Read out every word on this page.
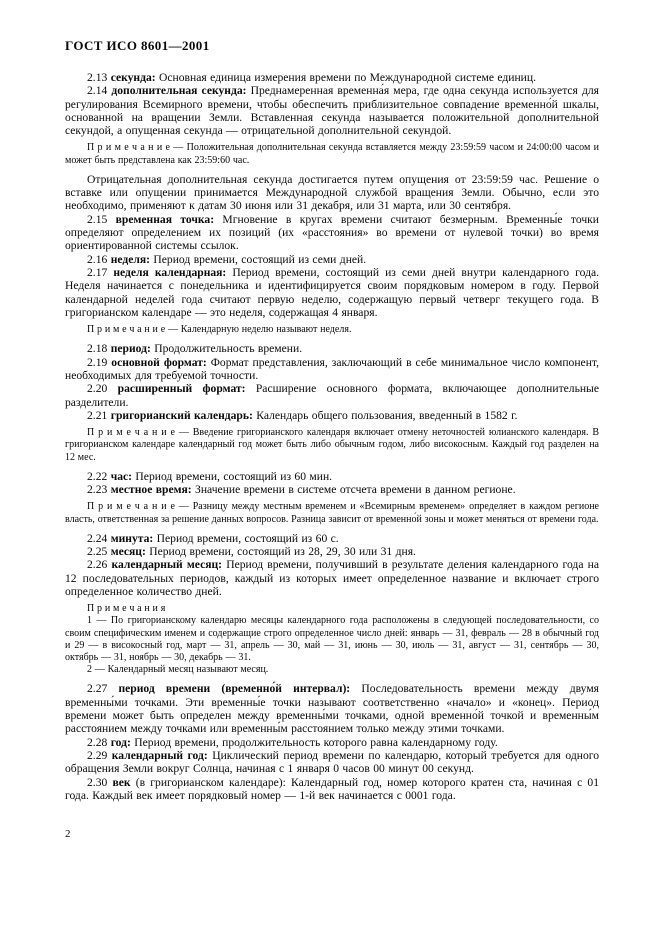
ГОСТ ИСО 8601—2001

2.13 секунда: Основная единица измерения времени по Международной системе единиц.

2.14 дополнительная секунда: Преднамеренная временна́я мера, где одна секунда используется для регулирования Всемирного времени, чтобы обеспечить приблизительное совпадение временно́й шкалы, основанной на вращении Земли. Вставленная секунда называется положительной дополнительной секундой, а опущенная секунда — отрицательной дополнительной секундой.

П р и м е ч а н и е — Положительная дополнительная секунда вставляется между 23:59:59 часом и 24:00:00 часом и может быть представлена как 23:59:60 час.

Отрицательная дополнительная секунда достигается путем опущения от 23:59:59 час. Решение о вставке или опущении принимается Международной службой вращения Земли. Обычно, если это необходимо, применяют к датам 30 июня или 31 декабря, или 31 марта, или 30 сентября.

2.15 временная точка: Мгновение в кругах времени считают безмерным. Временны́е точки определяют определением их позиций (их «расстояния» во времени от нулевой точки) во время ориентированной системы ссылок.

2.16 неделя: Период времени, состоящий из семи дней.

2.17 неделя календарная: Период времени, состоящий из семи дней внутри календарного года. Неделя начинается с понедельника и идентифицируется своим порядковым номером в году. Первой календарной неделей года считают первую неделю, содержащую первый четверг текущего года. В григорианском календаре — это неделя, содержащая 4 января.

П р и м е ч а н и е — Календарную неделю называют неделя.

2.18 период: Продолжительность времени.

2.19 основной формат: Формат представления, заключающий в себе минимальное число компонент, необходимых для требуемой точности.

2.20 расширенный формат: Расширение основного формата, включающее дополнительные разделители.

2.21 григорианский календарь: Календарь общего пользования, введенный в 1582 г.

П р и м е ч а н и е — Введение григорианского календаря включает отмену неточностей юлианского календаря. В григорианском календаре календарный год может быть либо обычным годом, либо високосным. Каждый год разделен на 12 мес.

2.22 час: Период времени, состоящий из 60 мин.

2.23 местное время: Значение времени в системе отсчета времени в данном регионе.

П р и м е ч а н и е — Разницу между местным временем и «Всемирным временем» определяет в каждом регионе власть, ответственная за решение данных вопросов. Разница зависит от временно́й зоны и может меняться от времени года.

2.24 минута: Период времени, состоящий из 60 с.

2.25 месяц: Период времени, состоящий из 28, 29, 30 или 31 дня.

2.26 календарный месяц: Период времени, получивший в результате деления календарного года на 12 последовательных периодов, каждый из которых имеет определенное название и включает строго определенное количество дней.

П р и м е ч а н и я
1 — По григорианскому календарю месяцы календарного года расположены в следующей последовательности, со своим специфическим именем и содержащие строго определенное число дней: январь — 31, февраль — 28 в обычный год и 29 — в високосный год, март — 31, апрель — 30, май — 31, июнь — 30, июль — 31, август — 31, сентябрь — 30, октябрь — 31, ноябрь — 30, декабрь — 31.
2 — Календарный месяц называют месяц.

2.27 период времени (временно́й интервал): Последовательность времени между двумя временны́ми точками. Эти временны́е точки называют соответственно «начало» и «конец». Период времени может быть определен между временны́ми точками, одной временно́й точкой и временны́м расстоянием между точками или временны́м расстоянием только между этими точками.

2.28 год: Период времени, продолжительность которого равна календарному году.

2.29 календарный год: Циклический период времени по календарю, который требуется для одного обращения Земли вокруг Солнца, начиная с 1 января 0 часов 00 минут 00 секунд.

2.30 век (в григорианском календаре): Календарный год, номер которого кратен ста, начиная с 01 года. Каждый век имеет порядковый номер — 1-й век начинается с 0001 года.

2
